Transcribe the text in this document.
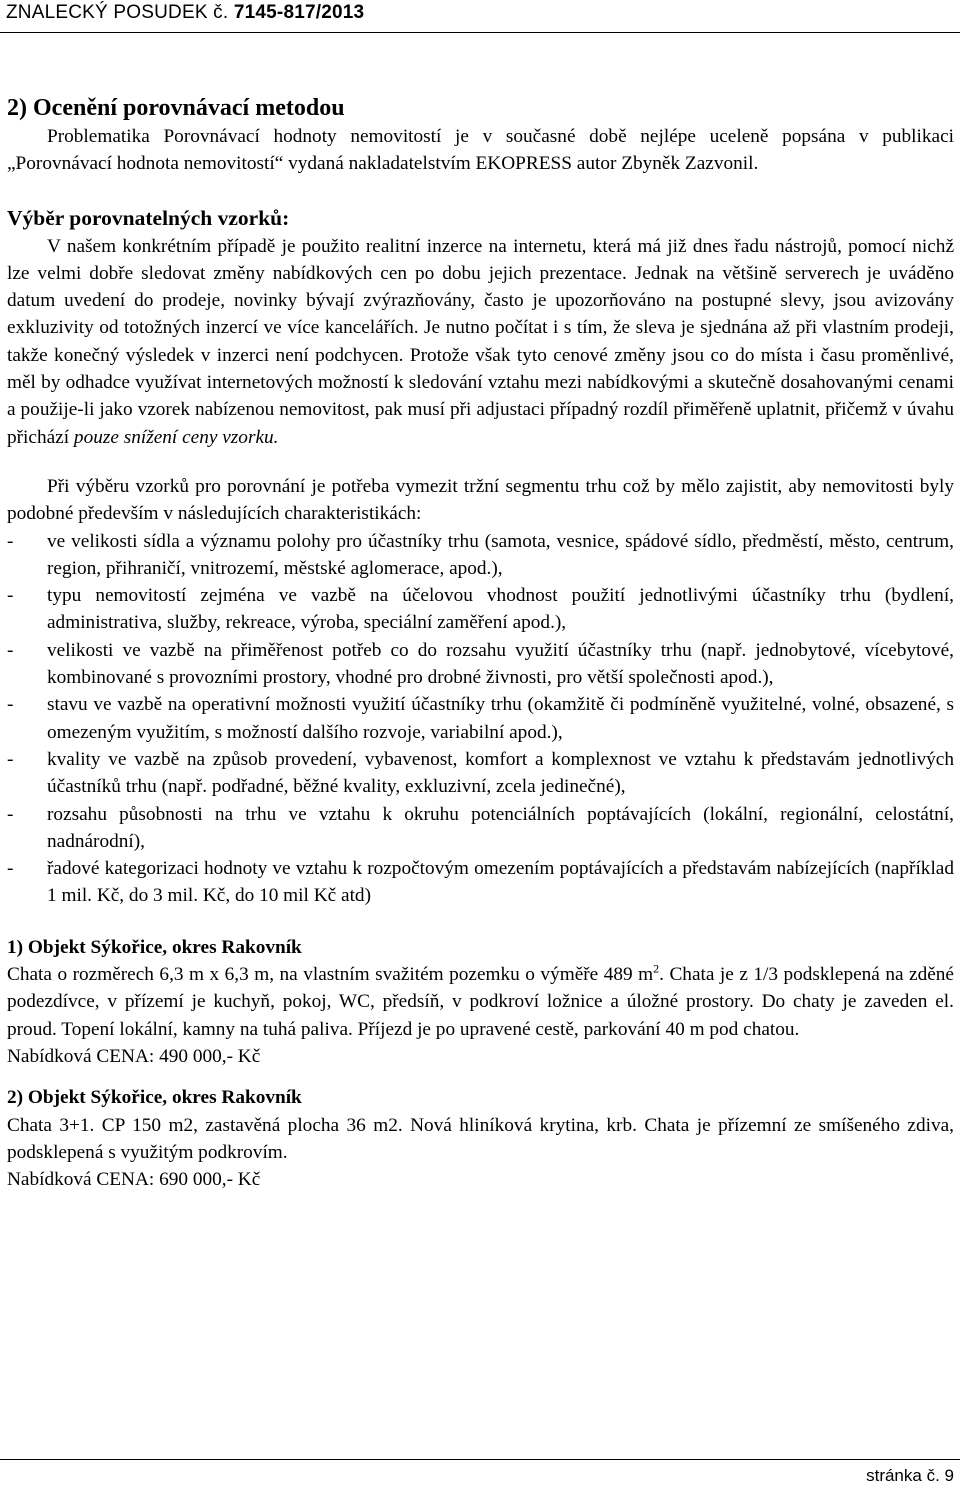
ZNALECKÝ POSUDEK č. 7145-817/2013
2) Ocenění porovnávací metodou

Problematika Porovnávací hodnoty nemovitostí je v současné době nejlépe uceleně popsána v publikaci „Porovnávací hodnota nemovitostí“ vydaná nakladatelstvím EKOPRESS autor Zbyněk Zazvonil.

Výběr porovnatelných vzorků:

V našem konkrétním případě je použito realitní inzerce na internetu, která má již dnes řadu nástrojů, pomocí nichž lze velmi dobře sledovat změny nabídkových cen po dobu jejich prezentace. Jednak na většině serverech je uváděno datum uvedení do prodeje, novinky bývají zvýrazňovány, často je upozorňováno na postupné slevy, jsou avizovány exkluzivity od totožných inzercí ve více kancelářích. Je nutno počítat i s tím, že sleva je sjednána až při vlastním prodeji, takže konečný výsledek v inzerci není podchycen. Protože však tyto cenové změny jsou co do místa i času proměnlivé, měl by odhadce využívat internetových možností k sledování vztahu mezi nabídkovými a skutečně dosahovanými cenami a použije-li jako vzorek nabízenou nemovitost, pak musí při adjustaci případný rozdíl přiměřeně uplatnit, přičemž v úvahu přichází pouze snížení ceny vzorku.

Při výběru vzorků pro porovnání je potřeba vymezit tržní segmentu trhu což by mělo zajistit, aby nemovitosti byly podobné především v následujících charakteristikách:

- ve velikosti sídla a významu polohy pro účastníky trhu (samota, vesnice, spádové sídlo, předměstí, město, centrum, region, přihraničí, vnitrozemí, městské aglomerace, apod.),
- typu nemovitostí zejména ve vazbě na účelovou vhodnost použití jednotlivými účastníky trhu (bydlení, administrativa, služby, rekreace, výroba, speciální zaměření apod.),
- velikosti ve vazbě na přiměřenost potřeb co do rozsahu využití účastníky trhu (např. jednobytové, vícebytové, kombinované s provozními prostory, vhodné pro drobné živnosti, pro větší společnosti apod.),
- stavu ve vazbě na operativní možnosti využití účastníky trhu (okamžitě či podmíněně využitelné, volné, obsazené, s omezeným využitím, s možností dalšího rozvoje, variabilní apod.),
- kvality ve vazbě na způsob provedení, vybavenost, komfort a komplexnost ve vztahu k představám jednotlivých účastníků trhu (např. podřadné, běžné kvality, exkluzivní, zcela jedinečné),
- rozsahu působnosti na trhu ve vztahu k okruhu potenciálních poptávajících (lokální, regionální, celostátní, nadnárodní),
- řadové kategorizaci hodnoty ve vztahu k rozpočtovým omezením poptávajících a představám nabízejících (například 1 mil. Kč, do 3 mil. Kč, do 10 mil Kč atd)

1) Objekt Sýkořice, okres Rakovník

Chata o rozměrech 6,3 m x 6,3 m, na vlastním svažitém pozemku o výměře 489 $m^2$. Chata je z 1/3 podsklepená na zděné podezdívce, v přízemí je kuchyň, pokoj, WC, předsíň, v podkroví ložnice a úložné prostory. Do chaty je zaveden el. proud. Topení lokální, kamny na tuhá paliva. Příjezd je po upravené cestě, parkování 40 m pod chatou.

Nabídková CENA: 490 000,- Kč

2) Objekt Sýkořice, okres Rakovník

Chata 3+1. CP 150 m2, zastavěná plocha 36 m2. Nová hliníková krytina, krb. Chata je přízemní ze smíšeného zdiva, podsklepená s využitým podkrovím.

Nabídková CENA: 690 000,- Kč

stránka č. 9
